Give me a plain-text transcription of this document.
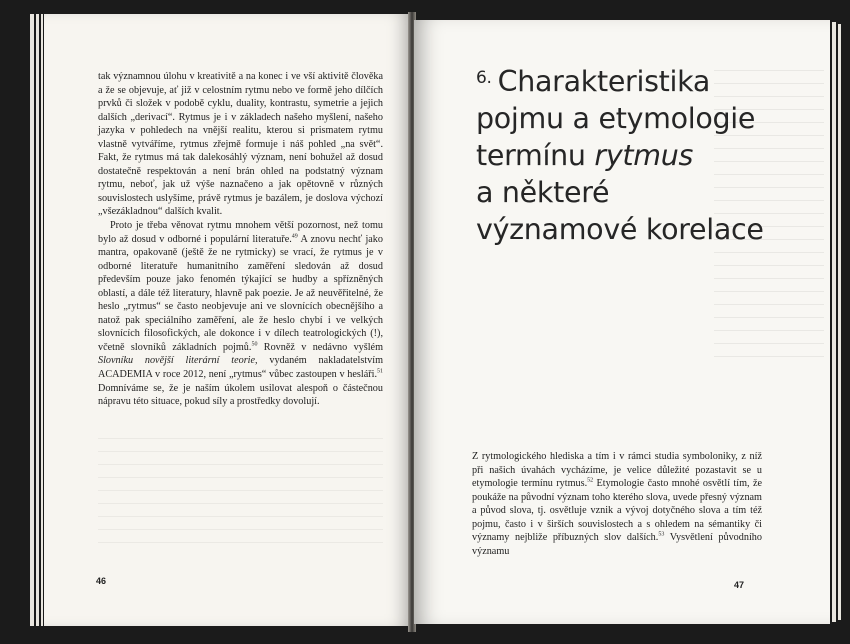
tak významnou úlohu v kreativitě a na konec i ve vší aktivitě člověka a že se objevuje, ať již v celostním rytmu nebo ve formě jeho dílčích prvků či složek v podobě cyklu, duality, kontrastu, symetrie a jejich dalších „derivací“. Rytmus je i v základech našeho myšlení, našeho jazyka v pohledech na vnější realitu, kterou si prismatem rytmu vlastně vytváříme, rytmus zřejmě formuje i náš pohled „na svět“. Fakt, že rytmus má tak dalekosáhlý význam, není bohužel až dosud dostatečně respektován a není brán ohled na podstatný význam rytmu, neboť, jak už výše naznačeno a jak opětovně v různých souvislostech uslyšíme, právě rytmus je bazálem, je doslova výchozí „všezákladnou“ dalších kvalit.

Proto je třeba věnovat rytmu mnohem větší pozornost, než tomu bylo až dosud v odborné i populární literatuře.$^{49}$ A znovu nechť jako mantra, opakovaně (ještě že ne rytmicky) se vrací, že rytmus je v odborné literatuře humanitního zaměření sledován až dosud především pouze jako fenomén týkající se hudby a spřízněných oblastí, a dále též literatury, hlavně pak poezie. Je až neuvěřitelné, že heslo „rytmus“ se často neobjevuje ani ve slovnících obecnějšího a natož pak speciálního zaměření, ale že heslo chybí i ve velkých slovnících filosofických, ale dokonce i v dílech teatrologických (!), včetně slovníků základních pojmů.$^{50}$ Rovněž v nedávno vyšlém Slovníku novější literární teorie, vydaném nakladatelstvím ACADEMIA v roce 2012, není „rytmus“ vůbec zastoupen v hesláři.$^{51}$ Domníváme se, že je naším úkolem usilovat alespoň o částečnou nápravu této situace, pokud síly a prostředky dovolují.

46
$^{6.}$ Charakteristika
pojmu a etymologie
termínu rytmus
a některé
významové korelace

Z rytmologického hlediska a tím i v rámci studia symboloniky, z níž při našich úvahách vycházíme, je velice důležité pozastavit se u etymologie termínu rytmus.$^{52}$ Etymologie často mnohé osvětlí tím, že poukáže na původní význam toho kterého slova, uvede přesný význam a původ slova, tj. osvětluje vznik a vývoj dotyčného slova a tím též pojmu, často i v širších souvislostech a s ohledem na sémantiky či významy nejbliže příbuzných slov dalších.$^{53}$ Vysvětlení původního významu

47
